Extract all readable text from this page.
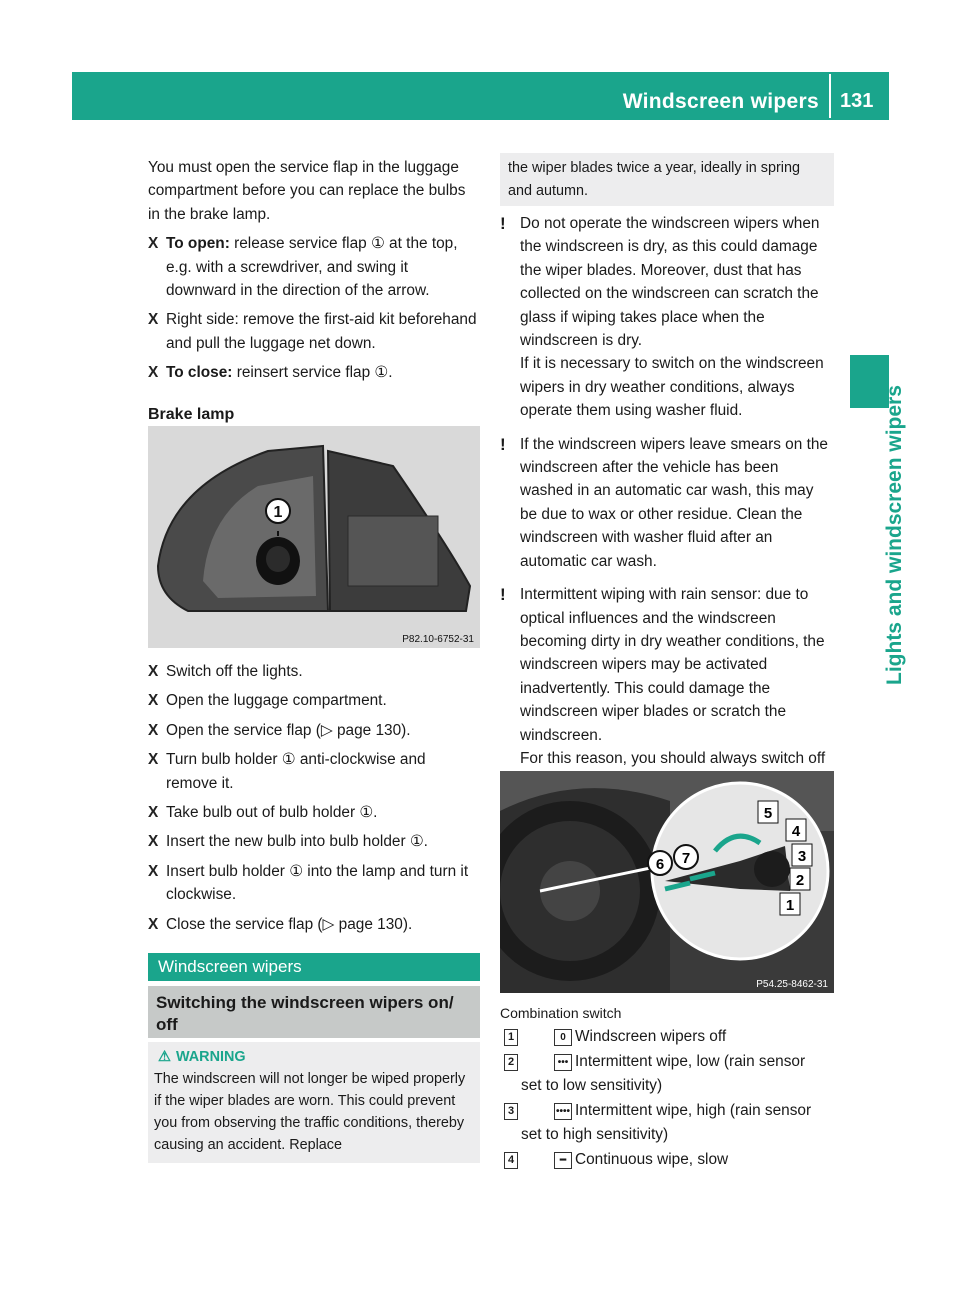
Windscreen wipers 131
Lights and windscreen wipers

You must open the service flap in the luggage compartment before you can replace the bulbs in the brake lamp.

X To open: release service flap ① at the top, e.g. with a screwdriver, and swing it downward in the direction of the arrow.
X Right side: remove the first-aid kit beforehand and pull the luggage net down.
X To close: reinsert service flap ①.
Brake lamp
1
P82.10-6752-31
X Switch off the lights.
X Open the luggage compartment.
X Open the service flap (▷ page 130).
X Turn bulb holder ① anti-clockwise and remove it.
X Take bulb out of bulb holder ①.
X Insert the new bulb into bulb holder ①.
X Insert bulb holder ① into the lamp and turn it clockwise.
X Close the service flap (▷ page 130).
Windscreen wipers
Switching the windscreen wipers on/ off
⚠ WARNING

The windscreen will not longer be wiped properly if the wiper blades are worn. This could prevent you from observing the traffic conditions, thereby causing an accident. Replace

the wiper blades twice a year, ideally in spring and autumn.
! Do not operate the windscreen wipers when the windscreen is dry, as this could damage the wiper blades. Moreover, dust that has collected on the windscreen can scratch the glass if wiping takes place when the windscreen is dry.

If it is necessary to switch on the windscreen wipers in dry weather conditions, always operate them using washer fluid.

! If the windscreen wipers leave smears on the windscreen after the vehicle has been washed in an automatic car wash, this may be due to wax or other residue. Clean the windscreen with washer fluid after an automatic car wash.

! Intermittent wiping with rain sensor: due to optical influences and the windscreen becoming dirty in dry weather conditions, the windscreen wipers may be activated inadvertently. This could damage the windscreen wiper blades or scratch the windscreen.

For this reason, you should always switch off

5
4
3
2
1
6 7
P54.25-8462-31
Combination switch
1	0 Windscreen wipers off
2	••• Intermittent wipe, low (rain sensor
set to low sensitivity)
3	•••• Intermittent wipe, high (rain sensor
set to high sensitivity)
4	━ Continuous wipe, slow
